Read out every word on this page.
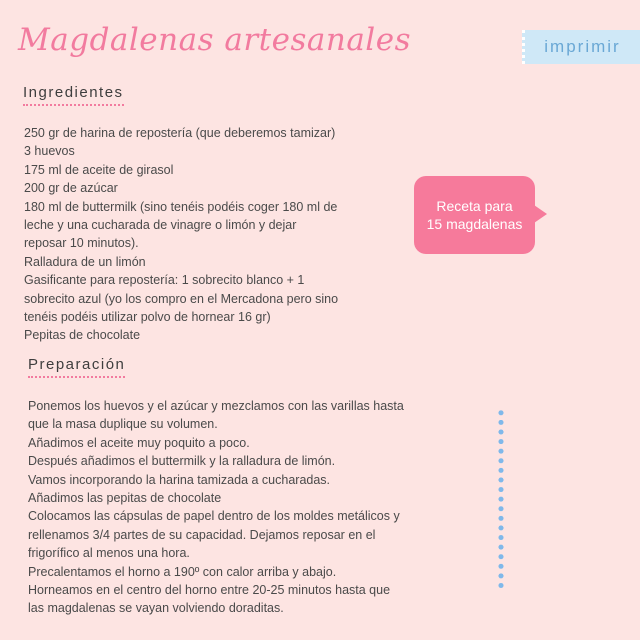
Magdalenas artesanales	imprimir
Ingredientes
250 gr de harina de repostería (que deberemos tamizar)
3 huevos
175 ml de aceite de girasol
200 gr de azúcar
180 ml de buttermilk (sino tenéis podéis coger 180 ml de
leche y una cucharada de vinagre o limón y dejar
reposar 10 minutos).
Ralladura de un limón
Gasificante para repostería: 1 sobrecito blanco + 1
sobrecito azul (yo los compro en el Mercadona pero sino
tenéis podéis utilizar polvo de hornear 16 gr)
Pepitas de chocolate
Receta para
15 magdalenas
Preparación
Ponemos los huevos y el azúcar y mezclamos con las varillas hasta
que la masa duplique su volumen.
Añadimos el aceite muy poquito a poco.
Después añadimos el buttermilk y la ralladura de limón.
Vamos incorporando la harina tamizada a cucharadas.
Añadimos las pepitas de chocolate
Colocamos las cápsulas de papel dentro de los moldes metálicos y
rellenamos 3/4 partes de su capacidad. Dejamos reposar en el
frigorífico al menos una hora.
Precalentamos el horno a 190º con calor arriba y abajo.
Horneamos en el centro del horno entre 20-25 minutos hasta que
las magdalenas se vayan volviendo doraditas.
